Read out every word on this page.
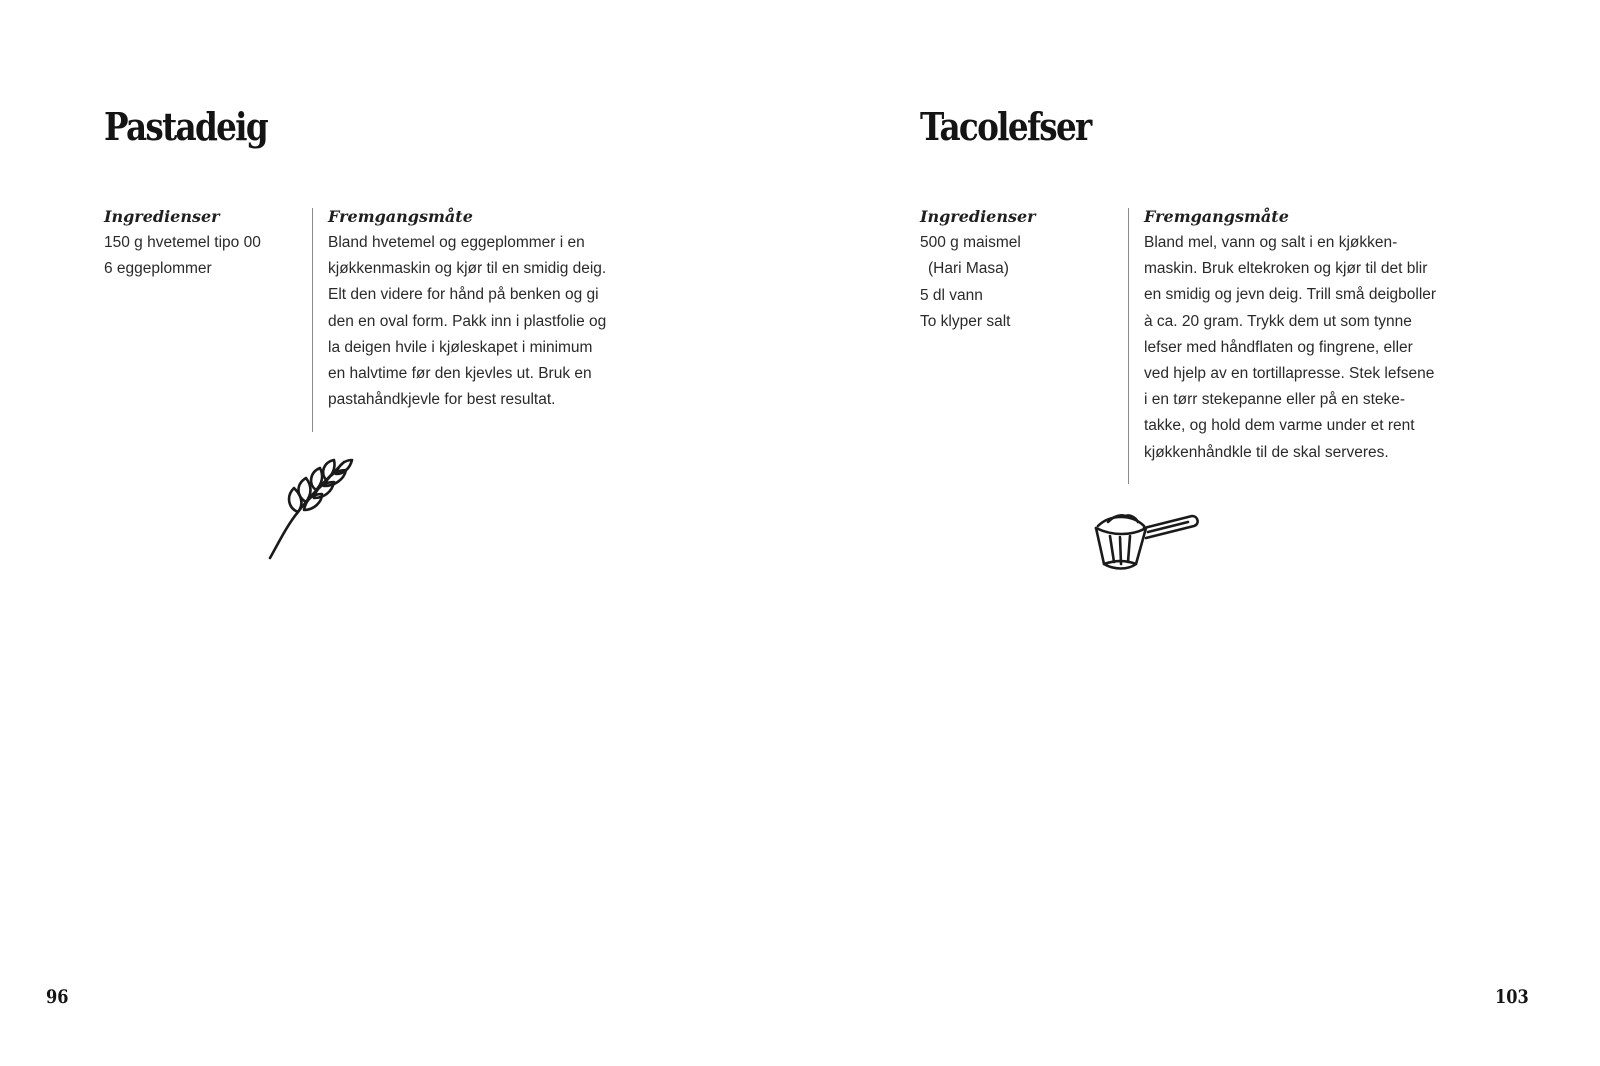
Pastadeig
Ingredienser
150 g hvetemel tipo 00
6 eggeplommer
Fremgangsmåte
Bland hvetemel og eggeplommer i en
kjøkkenmaskin og kjør til en smidig deig.
Elt den videre for hånd på benken og gi
den en oval form. Pakk inn i plastfolie og
la deigen hvile i kjøleskapet i minimum
en halvtime før den kjevles ut. Bruk en
pastahåndkjevle for best resultat.

96

Tacolefser
Ingredienser
500 g maismel
(Hari Masa)
5 dl vann
To klyper salt
Fremgangsmåte
Bland mel, vann og salt i en kjøkken-
maskin. Bruk eltekroken og kjør til det blir
en smidig og jevn deig. Trill små deigboller
à ca. 20 gram. Trykk dem ut som tynne
lefser med håndflaten og fingrene, eller
ved hjelp av en tortillapresse. Stek lefsene
i en tørr stekepanne eller på en steke-
takke, og hold dem varme under et rent
kjøkkenhåndkle til de skal serveres.

103
